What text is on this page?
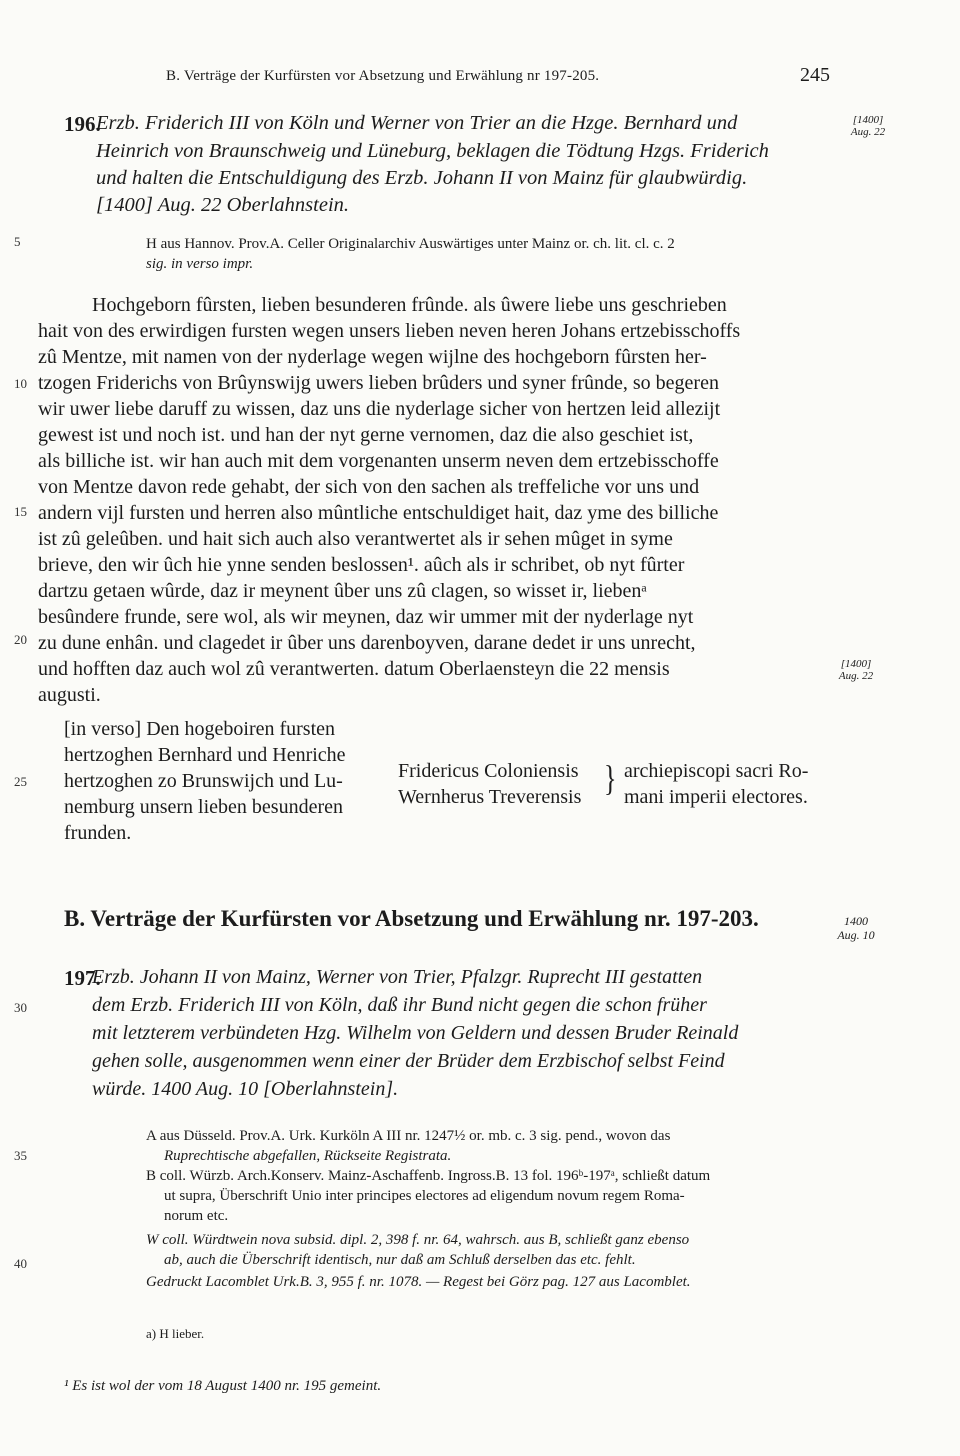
B. Verträge der Kurfürsten vor Absetzung und Erwählung nr 197-205.	245
5
10
15
20
25
30
35
40
196.
Erzb. Friderich III von Köln und Werner von Trier an die Hzge. Bernhard und
Heinrich von Braunschweig und Lüneburg, beklagen die Tödtung Hzgs. Friderich
und halten die Entschuldigung des Erzb. Johann II von Mainz für glaubwürdig.
[1400] Aug. 22 Oberlahnstein.
[1400]
Aug. 22
H aus Hannov. Prov.A. Celler Originalarchiv Auswärtiges unter Mainz or. ch. lit. cl. c. 2
sig. in verso impr.
Hochgeborn fûrsten, lieben besunderen frûnde. als ûwere liebe uns geschrieben
hait von des erwirdigen fursten wegen unsers lieben neven heren Johans ertzebisschoffs
zû Mentze, mit namen von der nyderlage wegen wijlne des hochgeborn fûrsten her-
tzogen Friderichs von Brûynswijg uwers lieben brûders und syner frûnde, so begeren
wir uwer liebe daruff zu wissen, daz uns die nyderlage sicher von hertzen leid allezijt
gewest ist und noch ist. und han der nyt gerne vernomen, daz die also geschiet ist,
als billiche ist. wir han auch mit dem vorgenanten unserm neven dem ertzebisschoffe
von Mentze davon rede gehabt, der sich von den sachen als treffeliche vor uns und
andern vijl fursten und herren also mûntliche entschuldiget hait, daz yme des billiche
ist zû geleûben. und hait sich auch also verantwertet als ir sehen mûget in syme
brieve, den wir ûch hie ynne senden beslossen¹. aûch als ir schribet, ob nyt fûrter
dartzu getaen wûrde, daz ir meynent ûber uns zû clagen, so wisset ir, liebenᵃ
besûndere frunde, sere wol, als wir meynen, daz wir ummer mit der nyderlage nyt
zu dune enhân. und clagedet ir ûber uns darenboyven, darane dedet ir uns unrecht,
und hofften daz auch wol zû verantwerten. datum Oberlaensteyn die 22 mensis
augusti.
[1400]
Aug. 22
[in verso] Den hogeboiren fursten
hertzoghen Bernhard und Henriche
hertzoghen zo Brunswijch und Lu-
nemburg unsern lieben besunderen
frunden.
Fridericus Coloniensis
Wernherus Treverensis } archiepiscopi sacri Ro-
mani imperii electores.
B. Verträge der Kurfürsten vor Absetzung und Erwählung nr. 197-203.	1400
Aug. 10
197.
Erzb. Johann II von Mainz, Werner von Trier, Pfalzgr. Ruprecht III gestatten
dem Erzb. Friderich III von Köln, daß ihr Bund nicht gegen die schon früher
mit letzterem verbündeten Hzg. Wilhelm von Geldern und dessen Bruder Reinald
gehen solle, ausgenommen wenn einer der Brüder dem Erzbischof selbst Feind
würde. 1400 Aug. 10 [Oberlahnstein].
A aus Düsseld. Prov.A. Urk. Kurköln A III nr. 1247½ or. mb. c. 3 sig. pend., wovon das
Ruprechtische abgefallen, Rückseite Registrata.
B coll. Würzb. Arch.Konserv. Mainz-Aschaffenb. Ingross.B. 13 fol. 196ᵇ-197ᵃ, schließt datum
ut supra, Überschrift Unio inter principes electores ad eligendum novum regem Roma-
norum etc.
W coll. Würdtwein nova subsid. dipl. 2, 398 f. nr. 64, wahrsch. aus B, schließt ganz ebenso
ab, auch die Überschrift identisch, nur daß am Schluß derselben das etc. fehlt.
Gedruckt Lacomblet Urk.B. 3, 955 f. nr. 1078. — Regest bei Görz pag. 127 aus Lacomblet.
a) H lieber.
¹ Es ist wol der vom 18 August 1400 nr. 195 gemeint.
